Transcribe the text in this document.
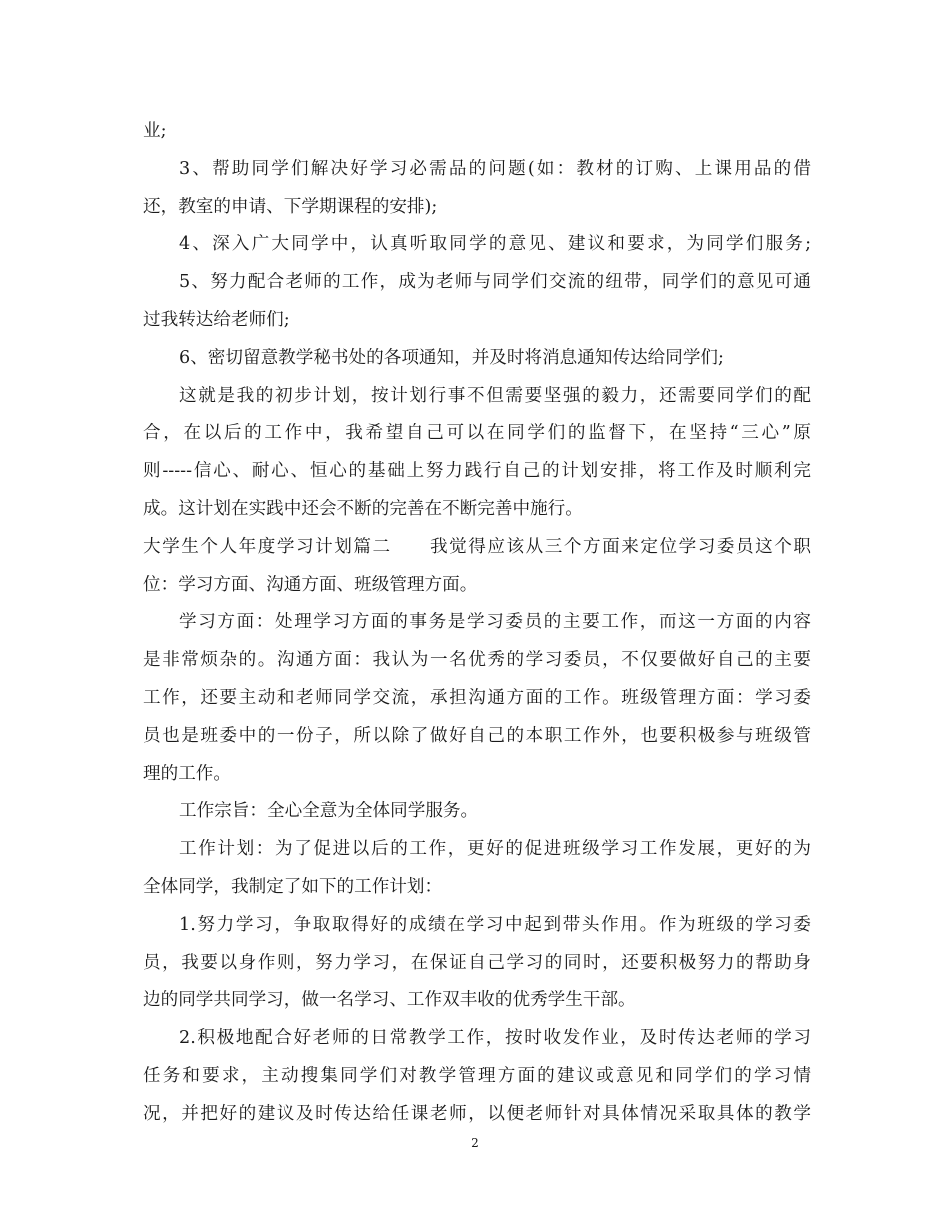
业;
3、帮助同学们解决好学习必需品的问题(如：教材的订购、上课用品的借
还，教室的申请、下学期课程的安排);
4、深入广大同学中，认真听取同学的意见、建议和要求，为同学们服务;
5、努力配合老师的工作，成为老师与同学们交流的纽带，同学们的意见可通
过我转达给老师们;
6、密切留意教学秘书处的各项通知，并及时将消息通知传达给同学们;
这就是我的初步计划，按计划行事不但需要坚强的毅力，还需要同学们的配
合，在以后的工作中，我希望自己可以在同学们的监督下，在坚持“三心”原
则-----信心、耐心、恒心的基础上努力践行自己的计划安排，将工作及时顺利完
成。这计划在实践中还会不断的完善在不断完善中施行。
大学生个人年度学习计划篇二　　我觉得应该从三个方面来定位学习委员这个职
位：学习方面、沟通方面、班级管理方面。
学习方面：处理学习方面的事务是学习委员的主要工作，而这一方面的内容
是非常烦杂的。沟通方面：我认为一名优秀的学习委员，不仅要做好自己的主要
工作，还要主动和老师同学交流，承担沟通方面的工作。班级管理方面：学习委
员也是班委中的一份子，所以除了做好自己的本职工作外，也要积极参与班级管
理的工作。
工作宗旨：全心全意为全体同学服务。
工作计划：为了促进以后的工作，更好的促进班级学习工作发展，更好的为
全体同学，我制定了如下的工作计划：
1.努力学习，争取取得好的成绩在学习中起到带头作用。作为班级的学习委
员，我要以身作则，努力学习，在保证自己学习的同时，还要积极努力的帮助身
边的同学共同学习，做一名学习、工作双丰收的优秀学生干部。
2.积极地配合好老师的日常教学工作，按时收发作业，及时传达老师的学习
任务和要求，主动搜集同学们对教学管理方面的建议或意见和同学们的学习情
况，并把好的建议及时传达给任课老师，以便老师针对具体情况采取具体的教学
2
